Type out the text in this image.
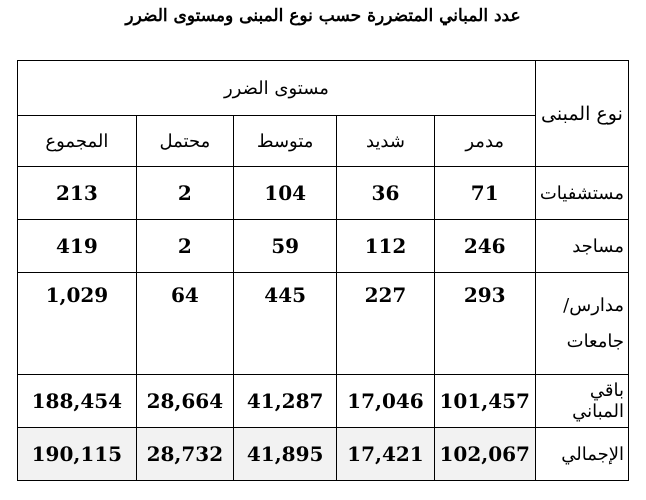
عدد المباني المتضررة حسب نوع المبنى ومستوى الضرر
نوع المبنى	مستوى الضرر				
	مدمر	شديد	متوسط	محتمل	المجموع
مستشفيات	71	36	104	2	213
مساجد	246	112	59	2	419
مدارس/ جامعات	293	227	445	64	1,029
باقي المباني	101,457	17,046	41,287	28,664	188,454
الإجمالي	102,067	17,421	41,895	28,732	190,115
